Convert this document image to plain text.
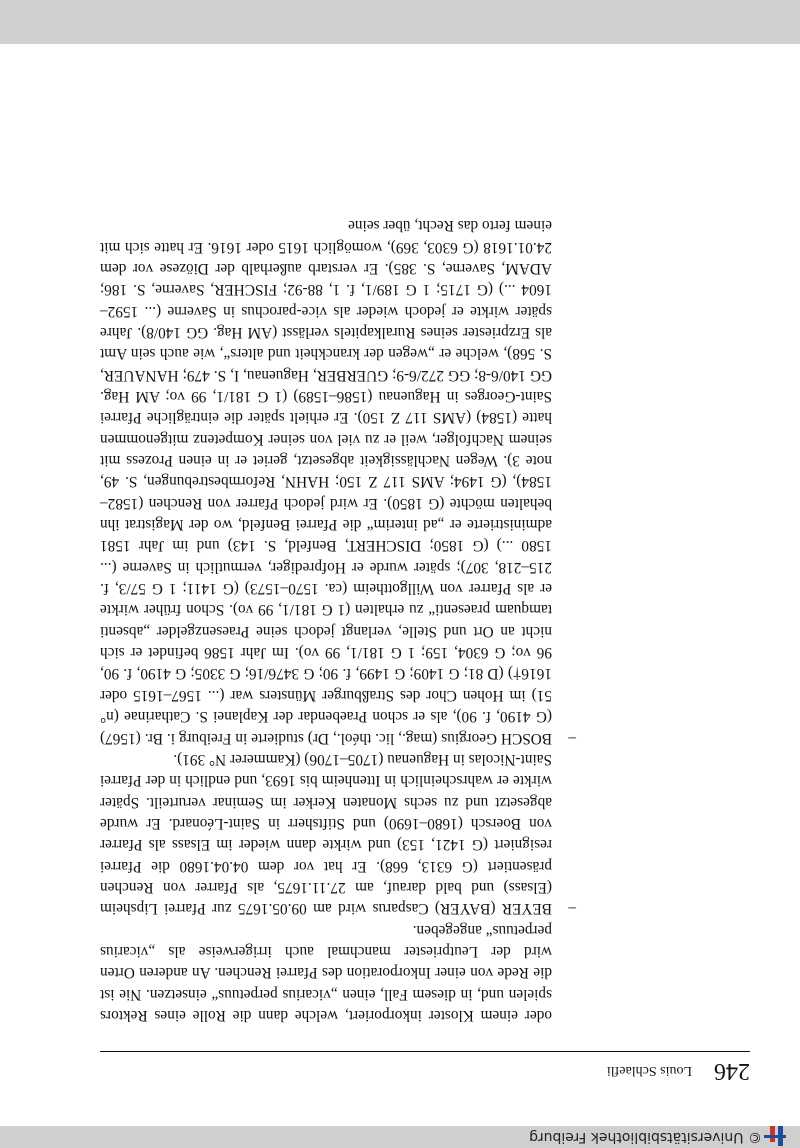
© Universitätsbibliothek Freiburg
246
Louis Schlaefli

oder einem Kloster inkorporiert, welche dann die Rolle eines Rektors spielen und, in diesem Fall, einen „vicarius perpetuus“ einsetzen. Nie ist die Rede von einer Inkorporation des Pfarrei Renchen. An anderen Orten wird der Leutpriester manchmal auch irrigerweise als „vicarius perpetuus“ angegeben.

–
BEYER (BAYER) Casparus wird am 09.05.1675 zur Pfarrei Lipsheim (Elsass) und bald darauf, am 27.11.1675, als Pfarrer von Renchen präsentiert (G 6313, 668). Er hat vor dem 04.04.1680 die Pfarrei resigniert (G 1421, 153) und wirkte dann wieder im Elsass als Pfarrer von Boersch (1680–1690) und Stiftsherr in Saint-Léonard. Er wurde abgesetzt und zu sechs Monaten Kerker im Seminar verurteilt. Später wirkte er wahrscheinlich in Ittenheim bis 1693, und endlich in der Pfarrei Saint-Nicolas in Haguenau (1705–1706) (Kammerer N° 391).

–
BOSCH Georgius (mag., lic. théol., Dr) studierte in Freiburg i. Br. (1567) (G 4190, f. 90), als er schon Praebendar der Kaplanei S. Catharinae (n° 51) im Hohen Chor des Straßburger Münsters war (... 1567–1615 oder 1616†) (D 81; G 1409; G 1499, f. 90; G 3476/16; G 3305; G 4190, f. 90, 96 vo; G 6304, 159; 1 G 181/1, 99 vo). Im Jahr 1586 befindet er sich nicht an Ort und Stelle, verlangt jedoch seine Praesenzgelder „absenti tamquam praesenti“ zu erhalten (1 G 181/1, 99 vo). Schon früher wirkte er als Pfarrer von Willgottheim (ca. 1570–1573) (G 1411; 1 G 57/3, f. 215–218, 307); später wurde er Hofprediger, vermutlich in Saverne (... 1580 ...) (G 1850; DISCHERT, Benfeld, S. 143) und im Jahr 1581 administrierte er „ad interim“ die Pfarrei Benfeld, wo der Magistrat ihn behalten möchte (G 1850). Er wird jedoch Pfarrer von Renchen (1582–1584), (G 1494; AMS 117 Z 150; HAHN, Reformbestrebungen, S. 49, note 3). Wegen Nachlässigkeit abgesetzt, geriet er in einen Prozess mit seinem Nachfolger, weil er zu viel von seiner Kompetenz mitgenommen hatte (1584) (AMS 117 Z 150). Er erhielt später die einträgliche Pfarrei Saint-Georges in Haguenau (1586–1589) (1 G 181/1, 99 vo; AM Hag. GG 140/6-8; GG 272/6-9; GUERBER, Haguenau, I, S. 479; HANAUER, S. 568), welche er „wegen der kranckheit und alters“, wie auch sein Amt als Erzpriester seines Ruralkapitels verlässt (AM Hag. GG 140/8). Jahre später wirkte er jedoch wieder als vice-parochus in Saverne (... 1592–1604 ...) (G 1715; 1 G 189/1, f. 1, 88-92; FISCHER, Saverne, S. 186; ADAM, Saverne, S. 385). Er verstarb außerhalb der Diözese vor dem 24.01.1618 (G 6303, 369), womöglich 1615 oder 1616. Er hatte sich mit einem ferto das Recht, über seine
